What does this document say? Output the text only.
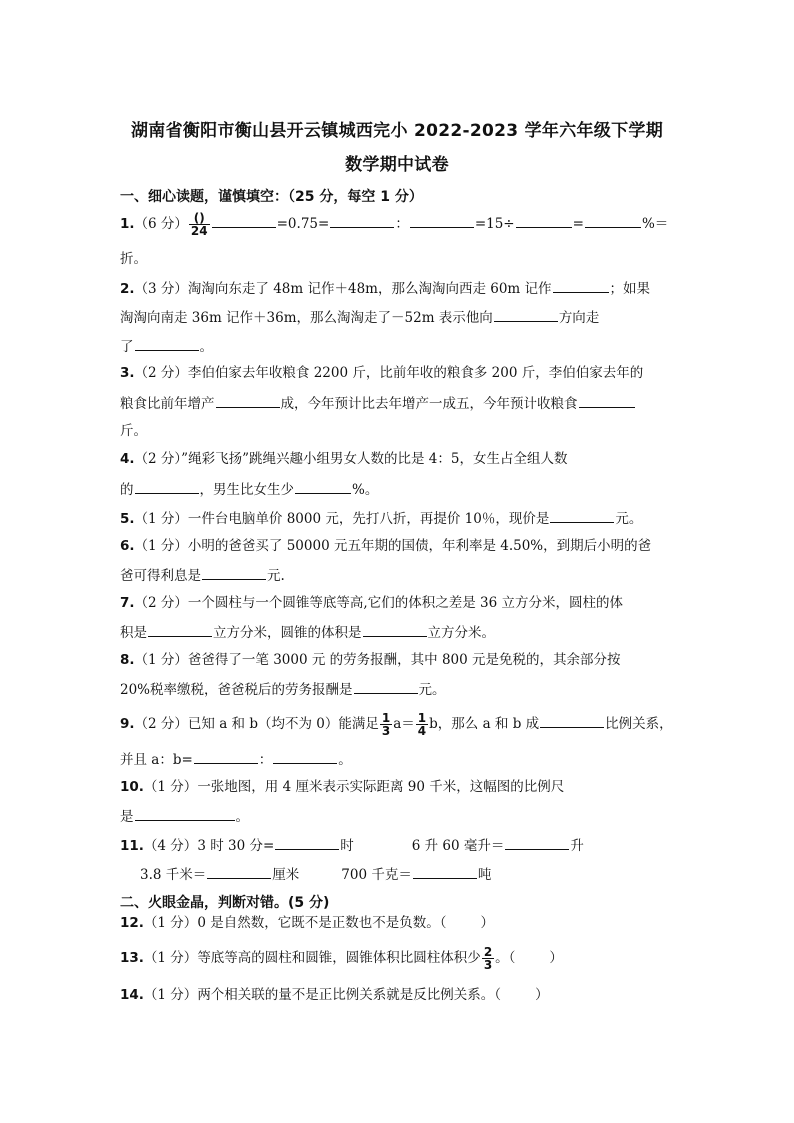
湖南省衡阳市衡山县开云镇城西完小 2022-2023 学年六年级下学期
数学期中试卷
一、细心读题，谨慎填空：（25 分，每空 1 分）
1.（6 分） $\frac{()}{24}$	=0.75=	：	=15÷	=	%＝
折。
2.（3 分）淘淘向东走了 48m 记作＋48m，那么淘淘向西走 60m 记作	；如果
淘淘向南走 36m 记作＋36m，那么淘淘走了－52m 表示他向	方向走
了	。
3.（2 分）李伯伯家去年收粮食 2200 斤，比前年收的粮食多 200 斤，李伯伯家去年的
粮食比前年增产	成，今年预计比去年增产一成五，今年预计收粮食
斤。
4.（2 分）”绳彩飞扬”跳绳兴趣小组男女人数的比是 4：5，女生占全组人数
的	，男生比女生少	%。
5.（1 分）一件台电脑单价 8000 元，先打八折，再提价 10％，现价是	元。
6.（1 分）小明的爸爸买了 50000 元五年期的国债，年利率是 4.50%，到期后小明的爸
爸可得利息是	元.
7.（2 分）一个圆柱与一个圆锥等底等高,它们的体积之差是 36 立方分米，圆柱的体
积是	立方分米，圆锥的体积是	立方分米。
8.（1 分）爸爸得了一笔 3000 元 的劳务报酬，其中 800 元是免税的，其余部分按
20%税率缴税，爸爸税后的劳务报酬是	元。
9.（2 分）已知 a 和 b（均不为 0）能满足 $\frac{1}{3} a= \frac{1}{4}$ b，那么 a 和 b 成	比例关系，
并且 a：b=	：	。
10.（1 分）一张地图，用 4 厘米表示实际距离 90 千米，这幅图的比例尺
是	。
11.（4 分）3 时 30 分=	时	6 升 60 毫升＝	升
3.8 千米＝	厘米	700 千克＝	吨
二、火眼金晶，判断对错。(5 分)
12.（1 分）0 是自然数，它既不是正数也不是负数。（	）
13.（1 分）等底等高的圆柱和圆锥，圆锥体积比圆柱体积少 $\frac{2}{3}$ 。（	）
14.（1 分）两个相关联的量不是正比例关系就是反比例关系。（	）
